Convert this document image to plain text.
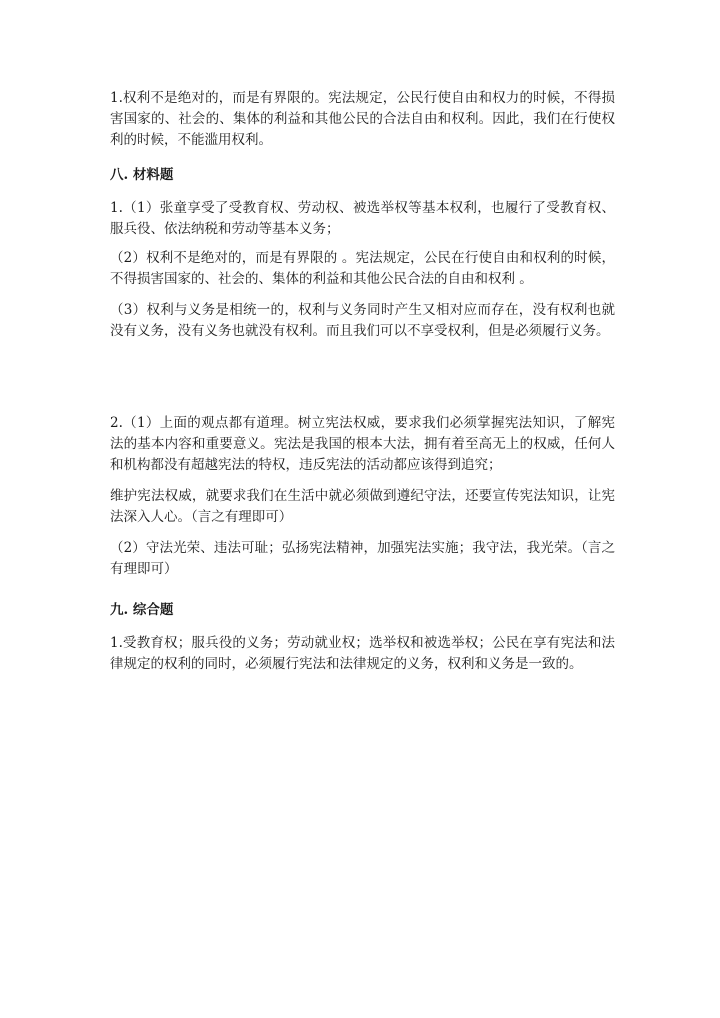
1.权利不是绝对的，而是有界限的。宪法规定，公民行使自由和权力的时候，不得损害国家的、社会的、集体的利益和其他公民的合法自由和权利。因此，我们在行使权利的时候，不能滥用权利。

八. 材料题

1.（1）张童享受了受教育权、劳动权、被选举权等基本权利，也履行了受教育权、服兵役、依法纳税和劳动等基本义务；

（2）权利不是绝对的，而是有界限的 。宪法规定，公民在行使自由和权利的时候，不得损害国家的、社会的、集体的利益和其他公民合法的自由和权利 。

（3）权利与义务是相统一的，权利与义务同时产生又相对应而存在，没有权利也就没有义务，没有义务也就没有权利。而且我们可以不享受权利，但是必须履行义务。

2.（1）上面的观点都有道理。树立宪法权威，要求我们必须掌握宪法知识，了解宪法的基本内容和重要意义。宪法是我国的根本大法，拥有着至高无上的权威，任何人和机构都没有超越宪法的特权，违反宪法的活动都应该得到追究；

维护宪法权威，就要求我们在生活中就必须做到遵纪守法，还要宣传宪法知识，让宪法深入人心。（言之有理即可）

（2）守法光荣、违法可耻；弘扬宪法精神，加强宪法实施；我守法，我光荣。（言之有理即可）

九. 综合题

1.受教育权；服兵役的义务；劳动就业权；选举权和被选举权；公民在享有宪法和法律规定的权利的同时，必须履行宪法和法律规定的义务，权利和义务是一致的。
